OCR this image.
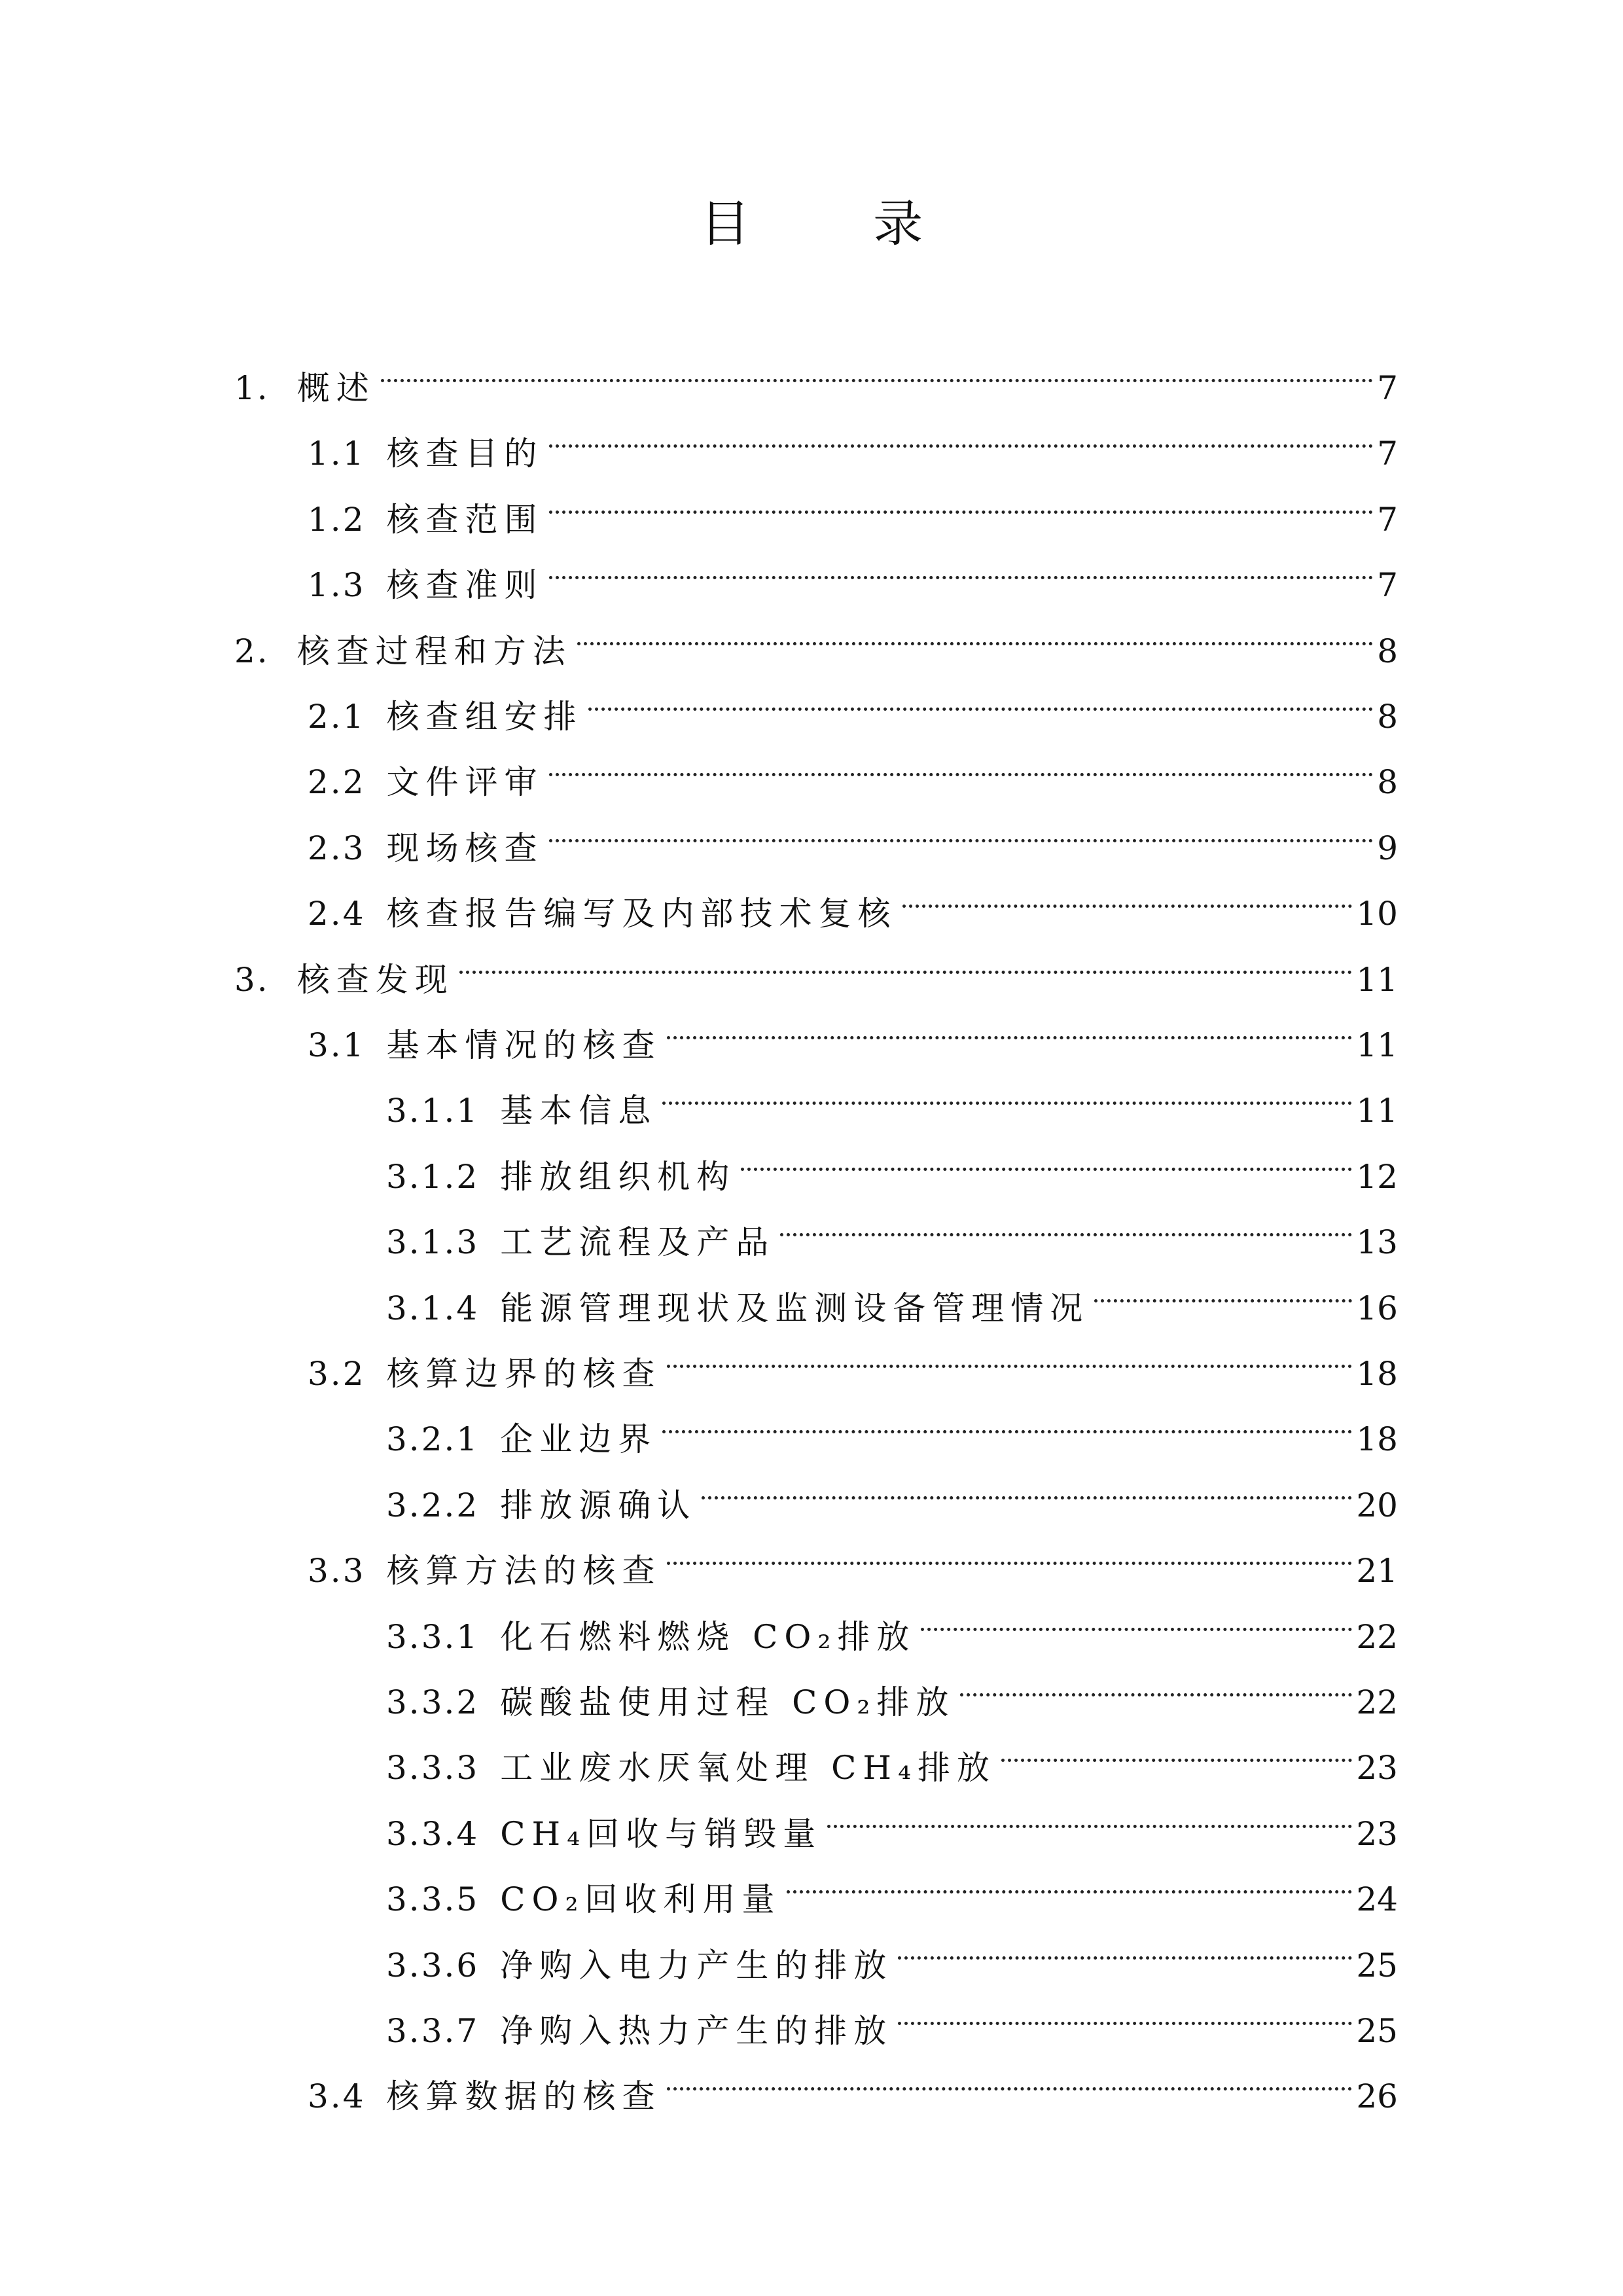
目 录
1. 概述	7
1.1 核查目的	7
1.2 核查范围	7
1.3 核查准则	7
2. 核查过程和方法	8
2.1 核查组安排	8
2.2 文件评审	8
2.3 现场核查	9
2.4 核查报告编写及内部技术复核	10
3. 核查发现	11
3.1 基本情况的核查	11
3.1.1 基本信息	11
3.1.2 排放组织机构	12
3.1.3 工艺流程及产品	13
3.1.4 能源管理现状及监测设备管理情况	16
3.2 核算边界的核查	18
3.2.1 企业边界	18
3.2.2 排放源确认	20
3.3 核算方法的核查	21
3.3.1 化石燃料燃烧 CO₂排放	22
3.3.2 碳酸盐使用过程 CO₂排放	22
3.3.3 工业废水厌氧处理 CH₄排放	23
3.3.4 CH₄回收与销毁量	23
3.3.5 CO₂回收利用量	24
3.3.6 净购入电力产生的排放	25
3.3.7 净购入热力产生的排放	25
3.4 核算数据的核查	26
